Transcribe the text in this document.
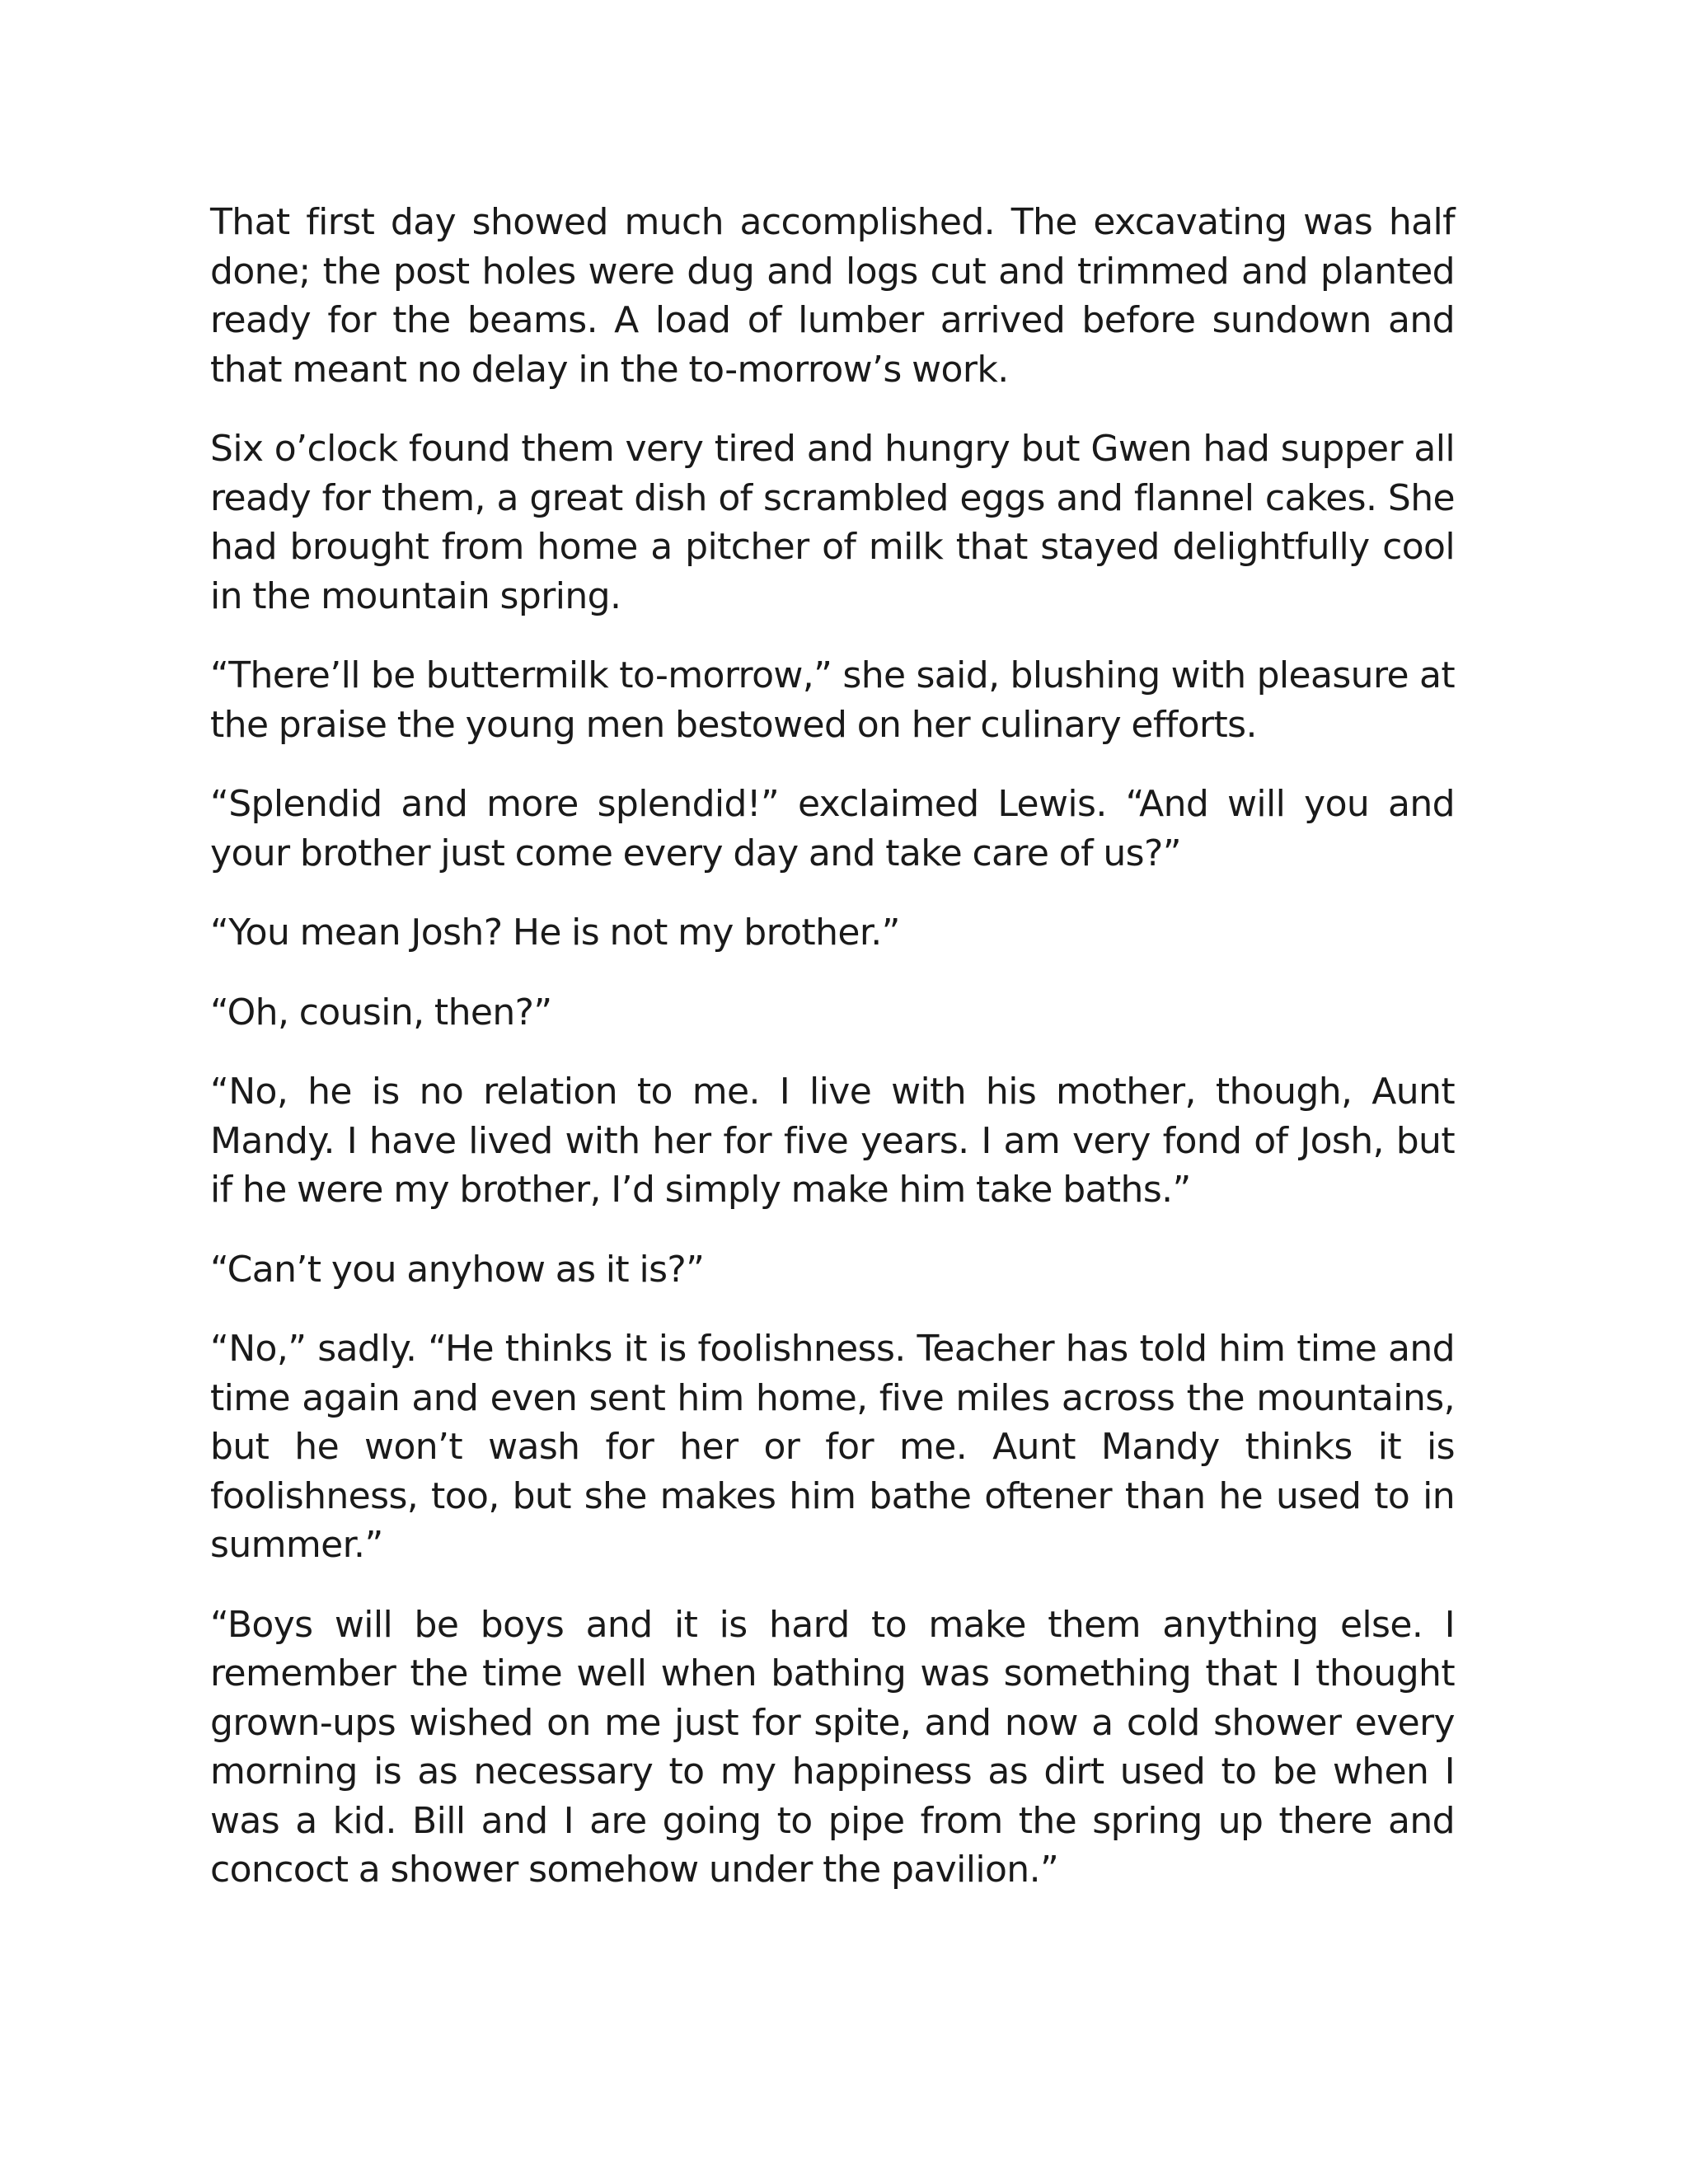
That first day showed much accomplished. The excavating was half done; the post holes were dug and logs cut and trimmed and planted ready for the beams. A load of lumber arrived before sundown and that meant no delay in the to-morrow’s work.

Six o’clock found them very tired and hungry but Gwen had supper all ready for them, a great dish of scrambled eggs and flannel cakes. She had brought from home a pitcher of milk that stayed delightfully cool in the mountain spring.

“There’ll be buttermilk to-morrow,” she said, blushing with pleasure at the praise the young men bestowed on her culinary efforts.

“Splendid and more splendid!” exclaimed Lewis. “And will you and your brother just come every day and take care of us?”

“You mean Josh? He is not my brother.”

“Oh, cousin, then?”

“No, he is no relation to me. I live with his mother, though, Aunt Mandy. I have lived with her for five years. I am very fond of Josh, but if he were my brother, I’d simply make him take baths.”

“Can’t you anyhow as it is?”

“No,” sadly. “He thinks it is foolishness. Teacher has told him time and time again and even sent him home, five miles across the mountains, but he won’t wash for her or for me. Aunt Mandy thinks it is foolishness, too, but she makes him bathe oftener than he used to in summer.”

“Boys will be boys and it is hard to make them anything else. I remember the time well when bathing was something that I thought grown-ups wished on me just for spite, and now a cold shower every morning is as necessary to my happiness as dirt used to be when I was a kid. Bill and I are going to pipe from the spring up there and concoct a shower somehow under the pavilion.”
